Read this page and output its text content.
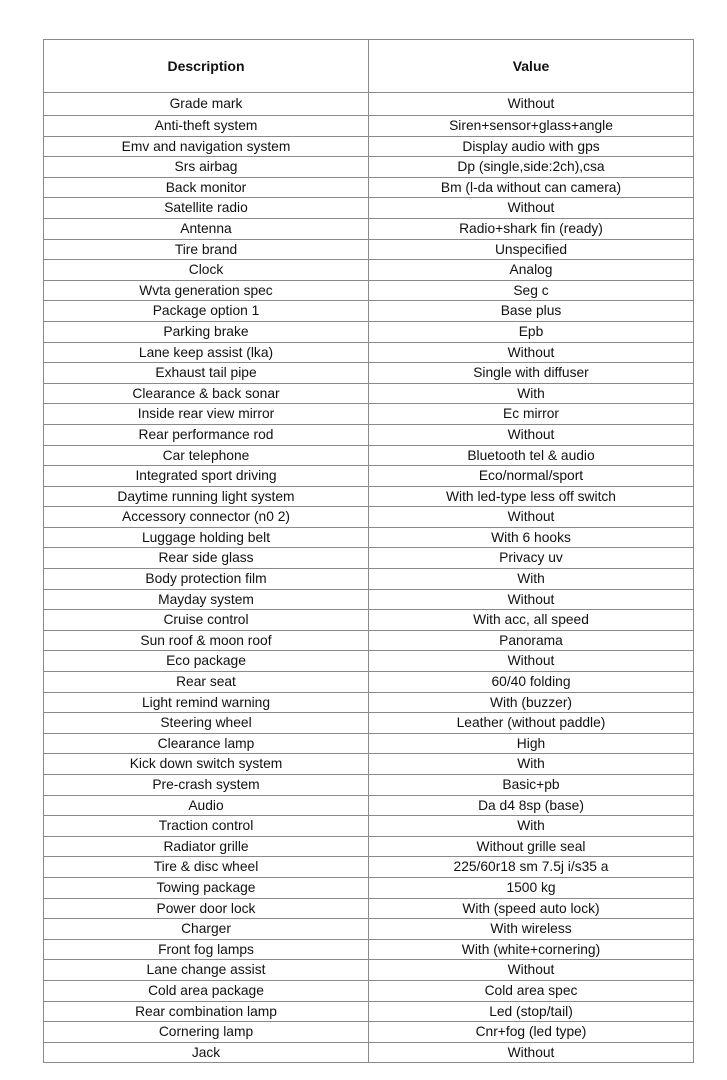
Description	Value
Grade mark	Without
Anti-theft system	Siren+sensor+glass+angle
Emv and navigation system	Display audio with gps
Srs airbag	Dp (single,side:2ch),csa
Back monitor	Bm (l-da without can camera)
Satellite radio	Without
Antenna	Radio+shark fin (ready)
Tire brand	Unspecified
Clock	Analog
Wvta generation spec	Seg c
Package option 1	Base plus
Parking brake	Epb
Lane keep assist (lka)	Without
Exhaust tail pipe	Single with diffuser
Clearance & back sonar	With
Inside rear view mirror	Ec mirror
Rear performance rod	Without
Car telephone	Bluetooth tel & audio
Integrated sport driving	Eco/normal/sport
Daytime running light system	With led-type less off switch
Accessory connector (n0 2)	Without
Luggage holding belt	With 6 hooks
Rear side glass	Privacy uv
Body protection film	With
Mayday system	Without
Cruise control	With acc, all speed
Sun roof & moon roof	Panorama
Eco package	Without
Rear seat	60/40 folding
Light remind warning	With (buzzer)
Steering wheel	Leather (without paddle)
Clearance lamp	High
Kick down switch system	With
Pre-crash system	Basic+pb
Audio	Da d4 8sp (base)
Traction control	With
Radiator grille	Without grille seal
Tire & disc wheel	225/60r18 sm 7.5j i/s35 a
Towing package	1500 kg
Power door lock	With (speed auto lock)
Charger	With wireless
Front fog lamps	With (white+cornering)
Lane change assist	Without
Cold area package	Cold area spec
Rear combination lamp	Led (stop/tail)
Cornering lamp	Cnr+fog (led type)
Jack	Without
